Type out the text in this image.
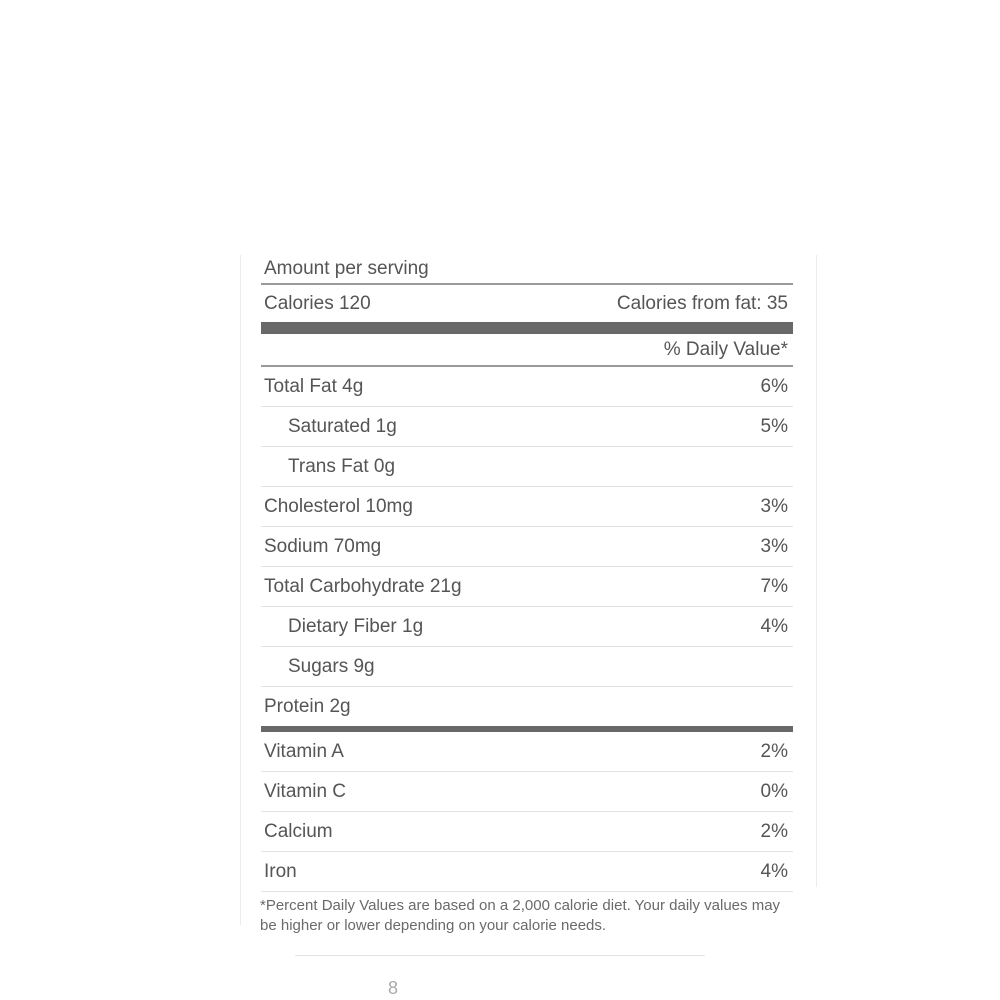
Amount per serving
Calories 120	Calories from fat: 35
% Daily Value*
Total Fat 4g	6%
Saturated 1g	5%
Trans Fat 0g
Cholesterol 10mg	3%
Sodium 70mg	3%
Total Carbohydrate 21g	7%
Dietary Fiber 1g	4%
Sugars 9g
Protein 2g
Vitamin A	2%
Vitamin C	0%
Calcium	2%
Iron	4%
*Percent Daily Values are based on a 2,000 calorie diet. Your daily values may be higher or lower depending on your calorie needs.
8
